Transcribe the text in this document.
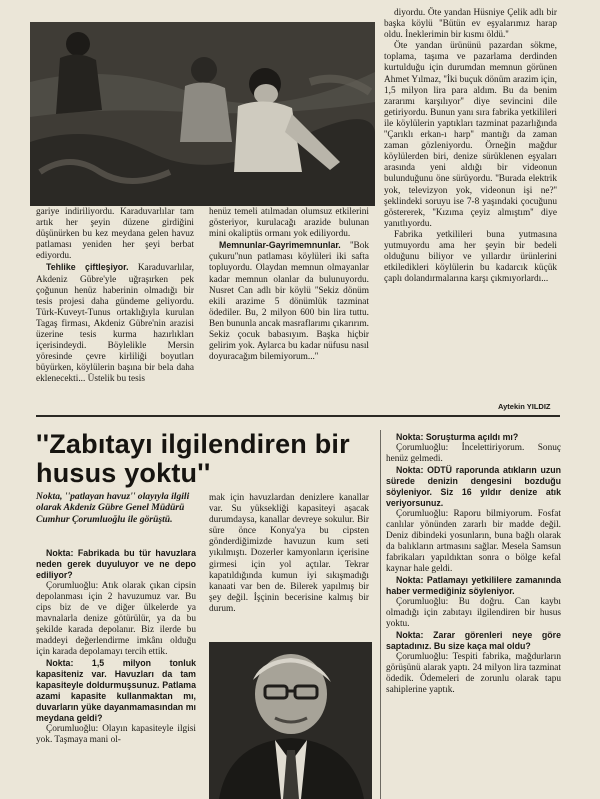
diyordu. Öte yandan Hüsniye Çelik adlı bir başka köylü ''Bütün ev eşyalarımız harap oldu. İneklerimin bir kısmı öldü.''

Öte yandan ürününü pazardan sökme, toplama, taşıma ve pazarlama derdinden kurtulduğu için durumdan memnun görünen Ahmet Yılmaz, ''İki buçuk dönüm arazim için, 1,5 milyon lira para aldım. Bu da benim zararımı karşılıyor'' diye sevincini dile getiriyordu. Bunun yanı sıra fabrika yetkilileri ile köylülerin yaptıkları tazminat pazarlığında ''Çarıklı erkan-ı harp'' mantığı da zaman zaman gözleniyordu. Örneğin mağdur köylülerden biri, denize sürüklenen eşyaları arasında yeni aldığı bir videonun bulunduğunu öne sürüyordu. ''Burada elektrik yok, televizyon yok, videonun işi ne?'' şeklindeki soruyu ise 7-8 yaşındaki çocuğunu göstererek, ''Kızıma çeyiz almıştım'' diye yanıtlıyordu.

Fabrika yetkilileri buna yutmasına yutmuyordu ama her şeyin bir bedeli olduğunu biliyor ve yıllardır ürünlerini etkiledikleri köylülerin bu kadarcık küçük çaplı dolandırmalarına karşı çıkmıyorlardı...

Aytekin YILDIZ

gariye indiriliyordu. Karaduvarlılar tam artık her şeyin düzene girdiğini düşünürken bu kez meydana gelen havuz patlaması yeniden her şeyi berbat ediyordu.

Tehlike çiftleşiyor. Karaduvarlılar, Akdeniz Gübre'yle uğraşırken pek çoğunun henüz haberinin olmadığı bir tesis projesi daha gündeme geliyordu. Türk-Kuveyt-Tunus ortaklığıyla kurulan Tagaş firması, Akdeniz Gübre'nin arazisi üzerine tesis kurma hazırlıkları içerisindeydi. Böylelikle Mersin yöresinde çevre kirliliği boyutları büyürken, köylülerin başına bir bela daha eklenecekti... Üstelik bu tesis

henüz temeli atılmadan olumsuz etkilerini gösteriyor, kurulacağı arazide bulunan mini okaliptüs ormanı yok ediliyordu.

Memnunlar-Gayrimemnunlar. ''Bok çukuru''nun patlaması köylüleri iki safta topluyordu. Olaydan memnun olmayanlar kadar memnun olanlar da bulunuyordu. Nusret Can adlı bir köylü ''Sekiz dönüm ekili arazime 5 dönümlük tazminat ödediler. Bu, 2 milyon 600 bin lira tuttu. Ben bununla ancak masraflarımı çıkarırım. Sekiz çocuk babasıyım. Başka hiçbir gelirim yok. Aylarca bu kadar nüfusu nasıl doyuracağım bilemiyorum...''

''Zabıtayı ilgilendiren bir husus yoktu''
Nokta, ''patlayan havuz'' olayıyla ilgili olarak Akdeniz Gübre Genel Müdürü Cumhur Çorumluoğlu ile görüştü.

Nokta: Fabrikada bu tür havuzlara neden gerek duyuluyor ve ne depo ediliyor?

Çorumluoğlu: Atık olarak çıkan cipsin depolanması için 2 havuzumuz var. Bu cips biz de ve diğer ülkelerde ya mavnalarla denize götürülür, ya da bu şekilde karada depolanır. Biz ilerde bu maddeyi değerlendirme imkânı olduğu için karada depolamayı tercih ettik.

Nokta: 1,5 milyon tonluk kapasiteniz var. Havuzları da tam kapasiteyle doldurmuşsunuz. Patlama azami kapasite kullanmaktan mı, duvarların yüke dayanmamasından mı meydana geldi?

Çorumluoğlu: Olayın kapasiteyle ilgisi yok. Taşmaya mani ol-

mak için havuzlardan denizlere kanallar var. Su yüksekliği kapasiteyi aşacak durumdaysa, kanallar devreye sokulur. Bir süre önce Konya'ya bu cipsten gönderdiğimizde havuzun kum seti yıkılmıştı. Dozerler kamyonların içerisine girmesi için yol açtılar. Tekrar kapatıldığında kumun iyi sıkışmadığı kanaati var ben de. Bilerek yapılmış bir şey değil. İşçinin becerisine kalmış bir durum.

Nokta: Soruşturma açıldı mı?

Çorumluoğlu: İncelettiriyorum. Sonuç henüz gelmedi.

Nokta: ODTÜ raporunda atıkların uzun sürede denizin dengesini bozduğu söyleniyor. Siz 16 yıldır denize atık veriyorsunuz.

Çorumluoğlu: Raporu bilmiyorum. Fosfat canlılar yönünden zararlı bir madde değil. Deniz dibindeki yosunların, buna bağlı olarak da balıkların artmasını sağlar. Mesela Samsun fabrikaları yapıldıktan sonra o bölge kefal kaynar hale geldi.

Nokta: Patlamayı yetkililere zamanında haber vermediğiniz söyleniyor.

Çorumluoğlu: Bu doğru. Can kaybı olmadığı için zabıtayı ilgilendiren bir husus yoktu.

Nokta: Zarar görenleri neye göre saptadınız. Bu size kaça mal oldu?

Çorumluoğlu: Tespiti fabrika, mağdurların görüşünü alarak yaptı. 24 milyon lira tazminat ödedik. Ödemeleri de zorunlu olarak tapu sahiplerine yaptık.
